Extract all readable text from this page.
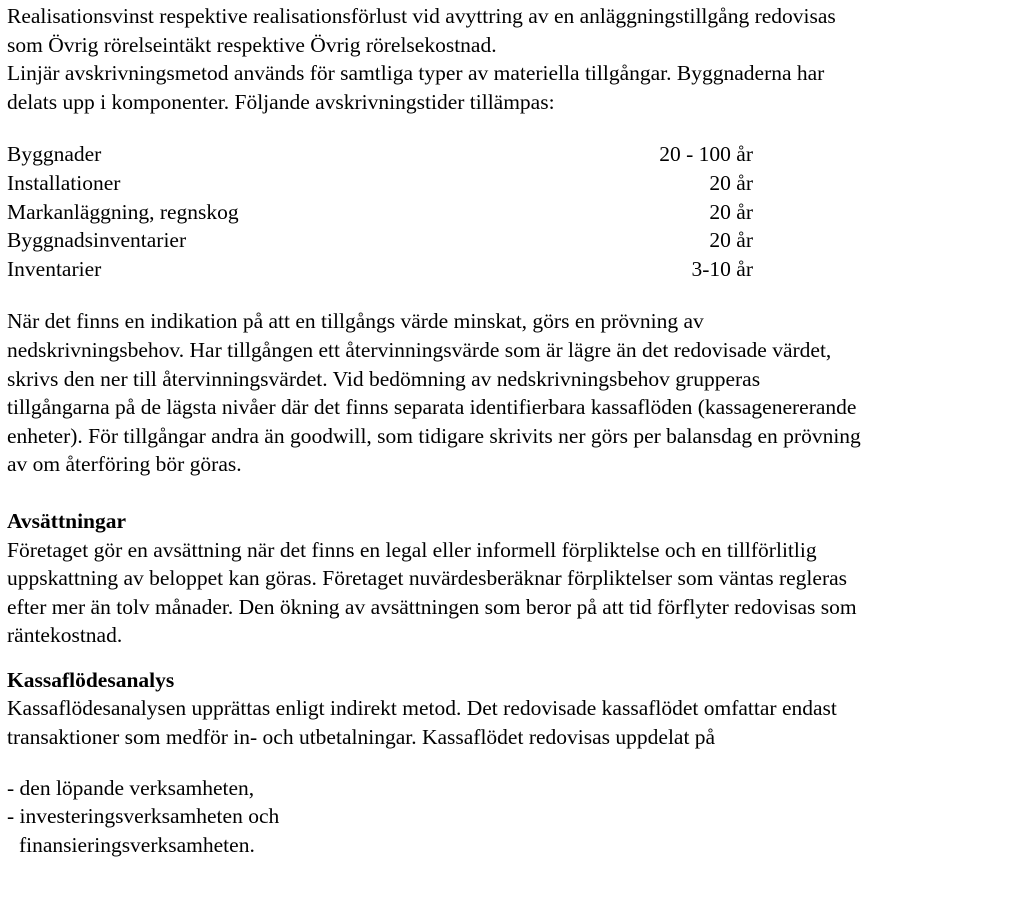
Realisationsvinst respektive realisationsförlust vid avyttring av en anläggningstillgång redovisas
som Övrig rörelseintäkt respektive Övrig rörelsekostnad.
Linjär avskrivningsmetod används för samtliga typer av materiella tillgångar. Byggnaderna har
delats upp i komponenter. Följande avskrivningstider tillämpas:
Byggnader	20 - 100 år
Installationer	20 år
Markanläggning, regnskog	20 år
Byggnadsinventarier	20 år
Inventarier	3-10 år
När det finns en indikation på att en tillgångs värde minskat, görs en prövning av
nedskrivningsbehov. Har tillgången ett återvinningsvärde som är lägre än det redovisade värdet,
skrivs den ner till återvinningsvärdet. Vid bedömning av nedskrivningsbehov grupperas
tillgångarna på de lägsta nivåer där det finns separata identifierbara kassaflöden (kassagenererande
enheter). För tillgångar andra än goodwill, som tidigare skrivits ner görs per balansdag en prövning
av om återföring bör göras.
Avsättningar
Företaget gör en avsättning när det finns en legal eller informell förpliktelse och en tillförlitlig
uppskattning av beloppet kan göras. Företaget nuvärdesberäknar förpliktelser som väntas regleras
efter mer än tolv månader. Den ökning av avsättningen som beror på att tid förflyter redovisas som
räntekostnad.
Kassaflödesanalys
Kassaflödesanalysen upprättas enligt indirekt metod. Det redovisade kassaflödet omfattar endast
transaktioner som medför in- och utbetalningar. Kassaflödet redovisas uppdelat på
- den löpande verksamheten,
- investeringsverksamheten och
finansieringsverksamheten.
